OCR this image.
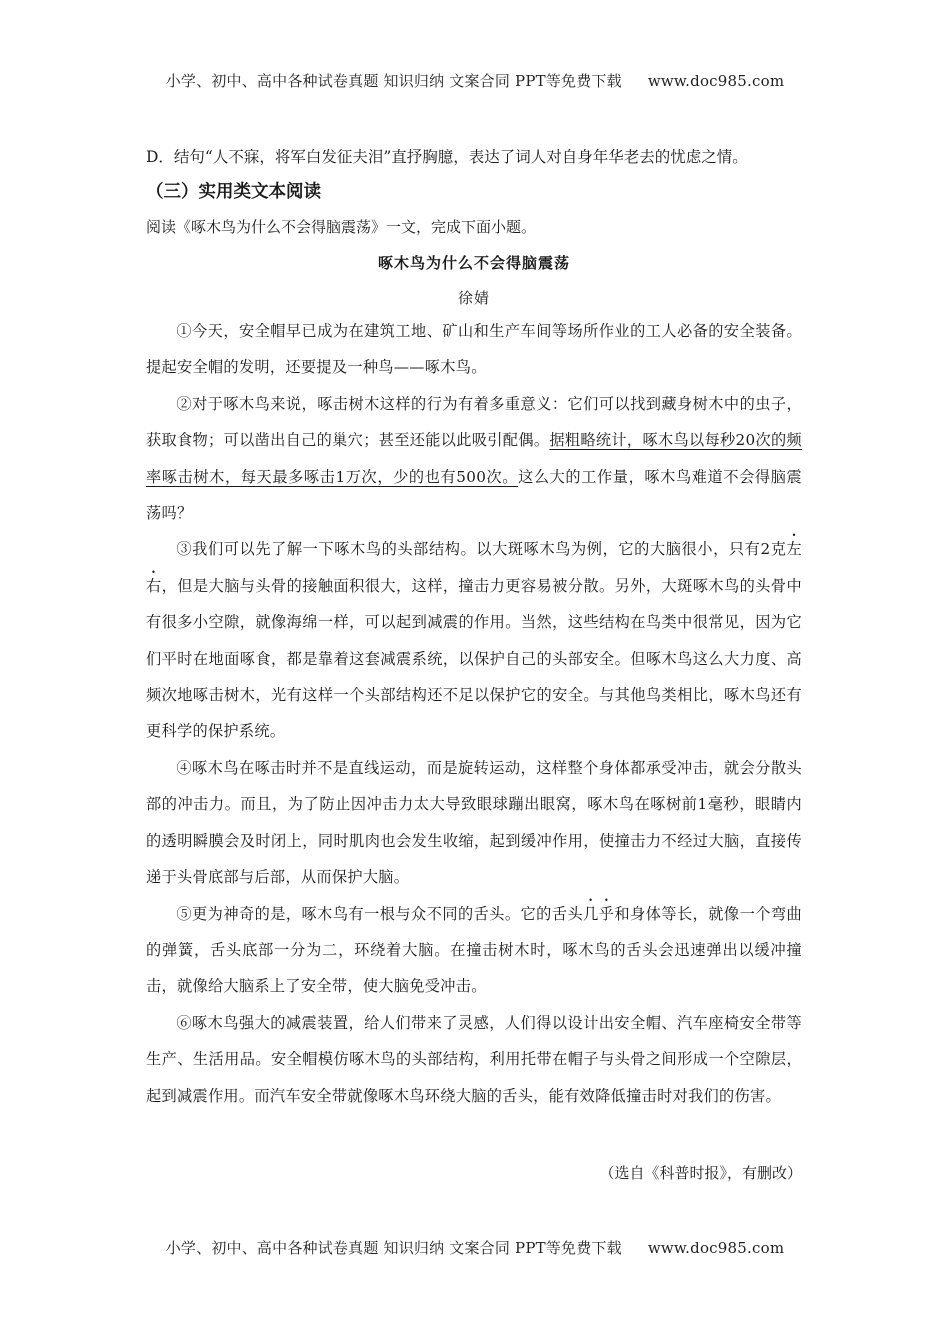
小学、初中、高中各种试卷真题 知识归纳 文案合同 PPT等免费下载 www.doc985.com
D．结句“人不寐，将军白发征夫泪”直抒胸臆，表达了词人对自身年华老去的忧虑之情。
（三）实用类文本阅读
阅读《啄木鸟为什么不会得脑震荡》一文，完成下面小题。
啄木鸟为什么不会得脑震荡
徐婧

①今天，安全帽早已成为在建筑工地、矿山和生产车间等场所作业的工人必备的安全装备。提起安全帽的发明，还要提及一种鸟——啄木鸟。

②对于啄木鸟来说，啄击树木这样的行为有着多重意义：它们可以找到藏身树木中的虫子，获取食物；可以凿出自己的巢穴；甚至还能以此吸引配偶。据粗略统计，啄木鸟以每秒20次的频率啄击树木，每天最多啄击1万次，少的也有500次。这么大的工作量，啄木鸟难道不会得脑震荡吗？

③我们可以先了解一下啄木鸟的头部结构。以大斑啄木鸟为例，它的大脑很小，只有2克左右，但是大脑与头骨的接触面积很大，这样，撞击力更容易被分散。另外，大斑啄木鸟的头骨中有很多小空隙，就像海绵一样，可以起到减震的作用。当然，这些结构在鸟类中很常见，因为它们平时在地面啄食，都是靠着这套减震系统，以保护自己的头部安全。但啄木鸟这么大力度、高频次地啄击树木，光有这样一个头部结构还不足以保护它的安全。与其他鸟类相比，啄木鸟还有更科学的保护系统。

④啄木鸟在啄击时并不是直线运动，而是旋转运动，这样整个身体都承受冲击，就会分散头部的冲击力。而且，为了防止因冲击力太大导致眼球蹦出眼窝，啄木鸟在啄树前1毫秒，眼睛内的透明瞬膜会及时闭上，同时肌肉也会发生收缩，起到缓冲作用，使撞击力不经过大脑，直接传递于头骨底部与后部，从而保护大脑。

⑤更为神奇的是，啄木鸟有一根与众不同的舌头。它的舌头几乎和身体等长，就像一个弯曲的弹簧，舌头底部一分为二，环绕着大脑。在撞击树木时，啄木鸟的舌头会迅速弹出以缓冲撞击，就像给大脑系上了安全带，使大脑免受冲击。

⑥啄木鸟强大的减震装置，给人们带来了灵感，人们得以设计出安全帽、汽车座椅安全带等生产、生活用品。安全帽模仿啄木鸟的头部结构，利用托带在帽子与头骨之间形成一个空隙层，起到减震作用。而汽车安全带就像啄木鸟环绕大脑的舌头，能有效降低撞击时对我们的伤害。

（选自《科普时报》，有删改）
小学、初中、高中各种试卷真题 知识归纳 文案合同 PPT等免费下载 www.doc985.com
